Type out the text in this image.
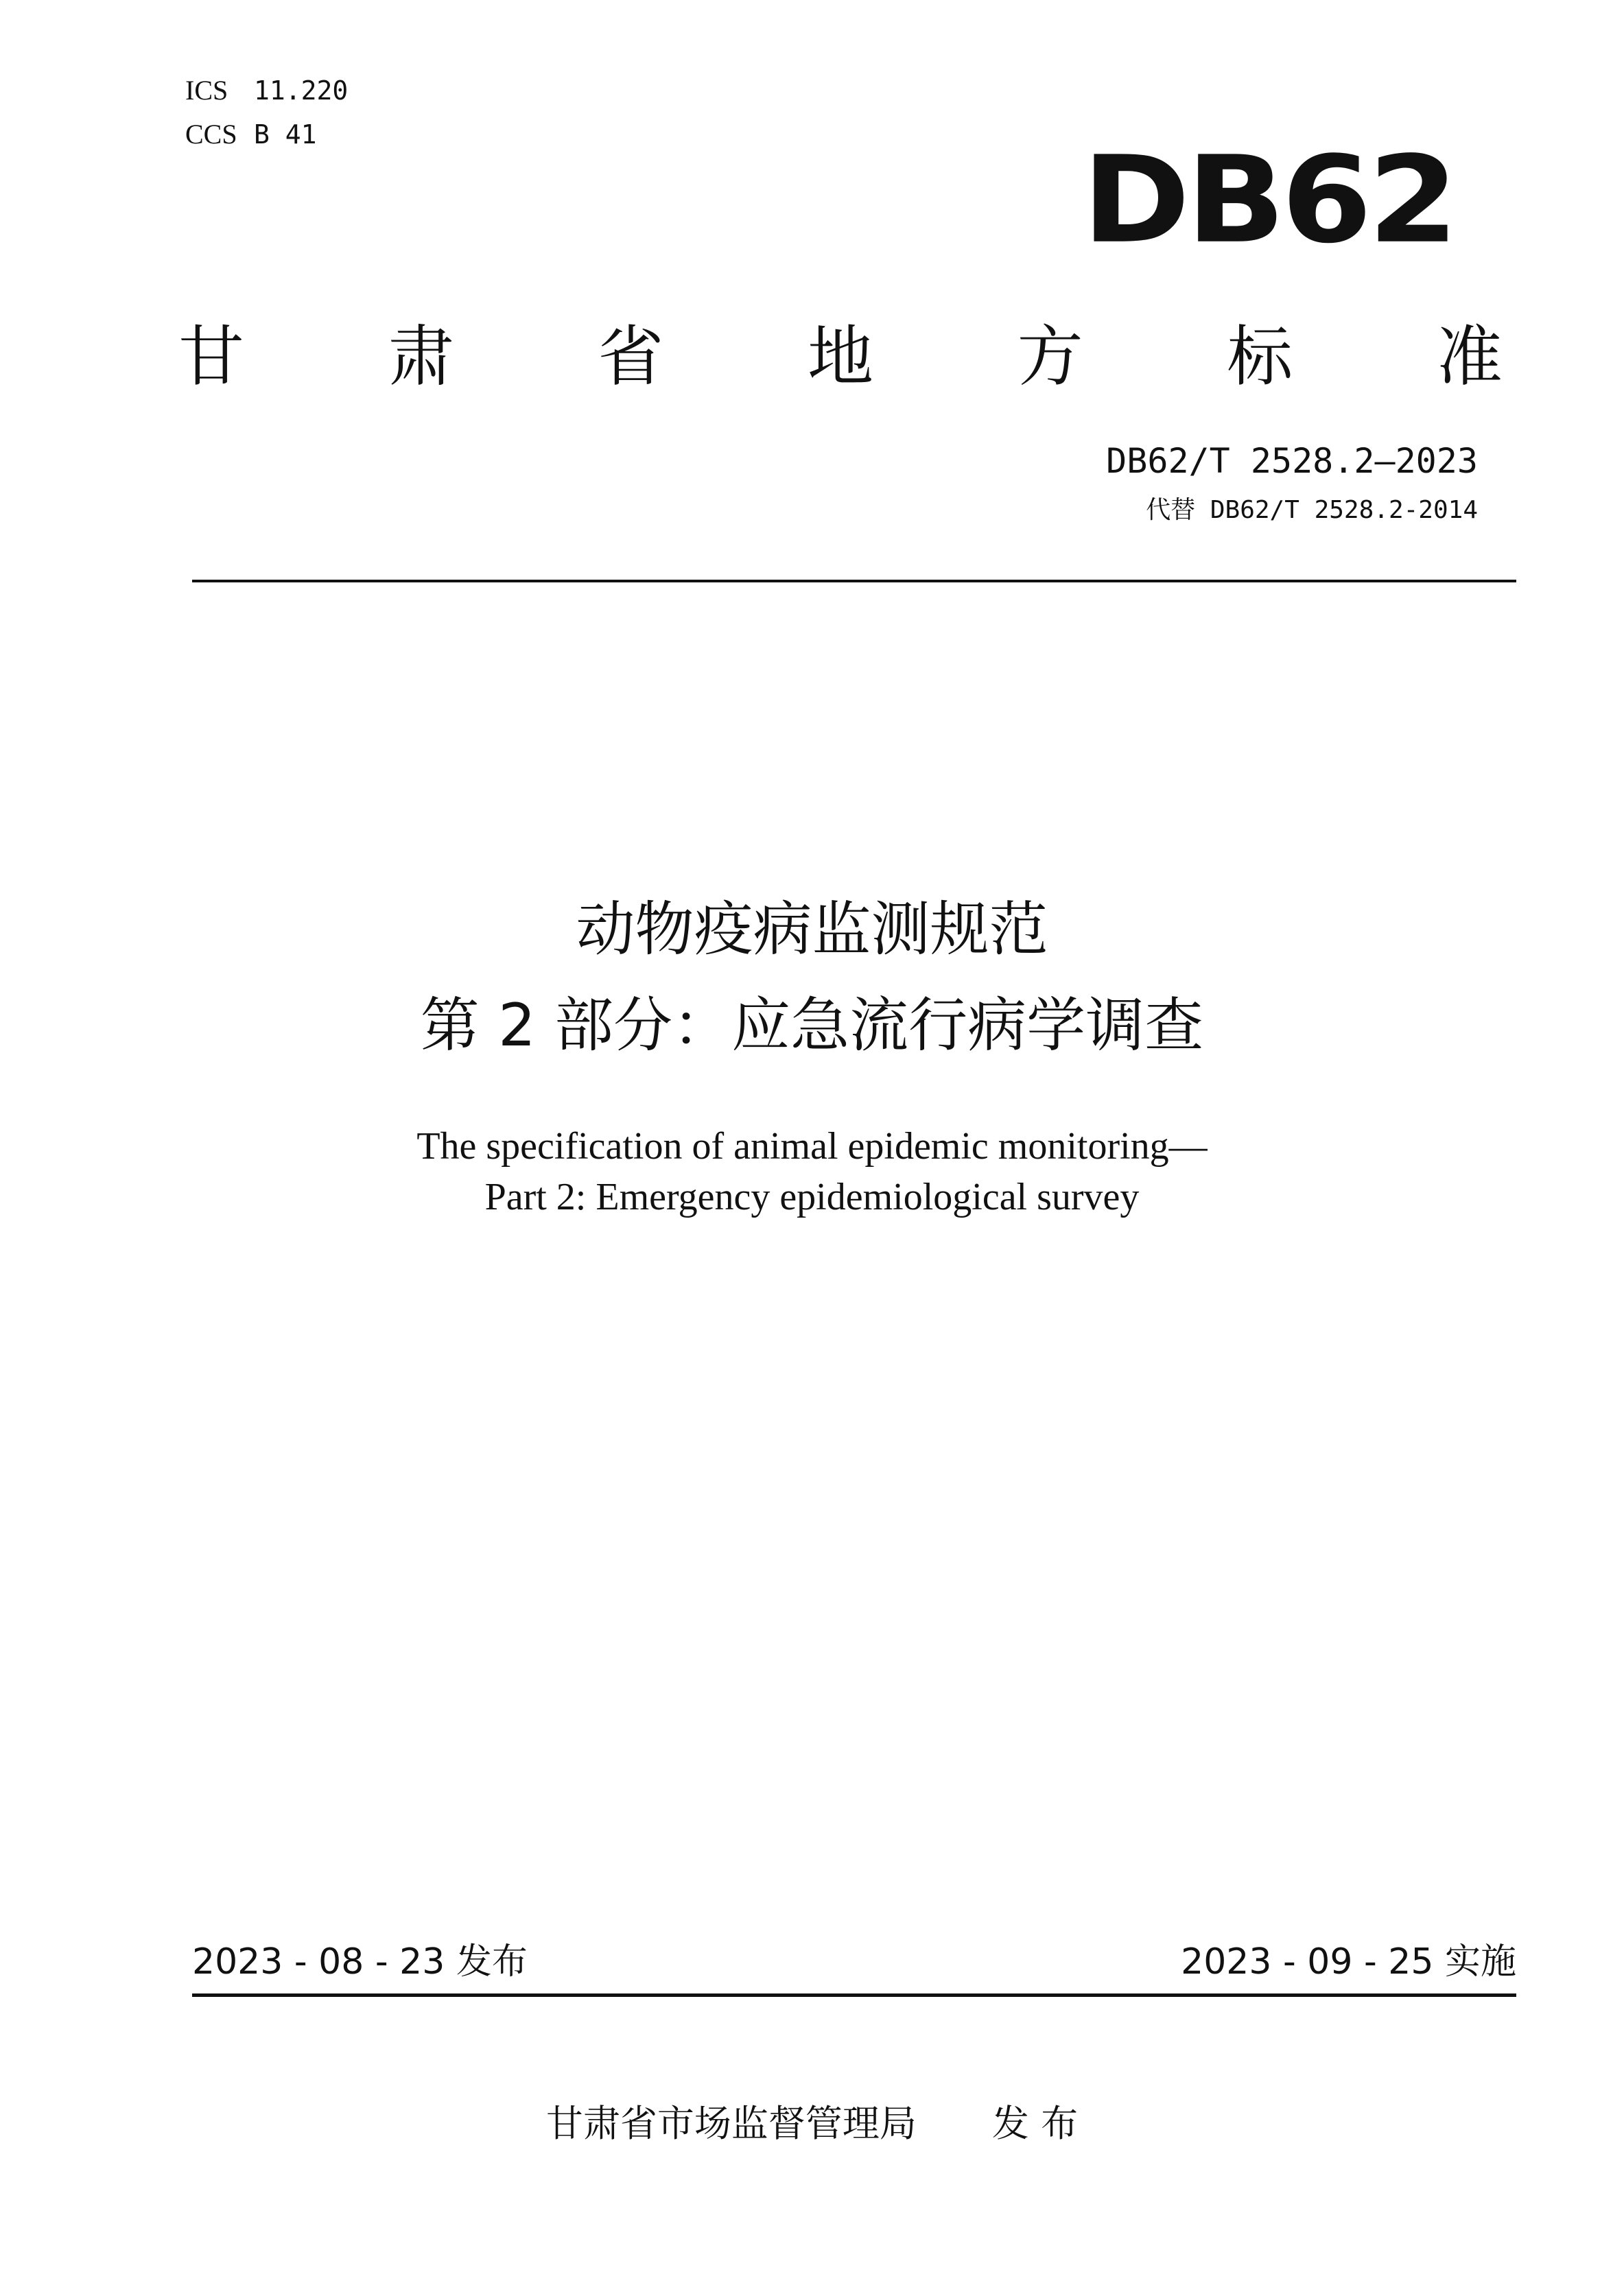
ICS 11.220
CCS B 41	DB62
甘 肃 省 地 方 标 准
DB62/T 2528.2—2023
代替 DB62/T 2528.2-2014
动物疫病监测规范
第 2 部分：应急流行病学调查
The specification of animal epidemic monitoring—
Part 2: Emergency epidemiological survey
2023 - 08 - 23 发布	2023 - 09 - 25 实施
甘肃省市场监督管理局 发 布
